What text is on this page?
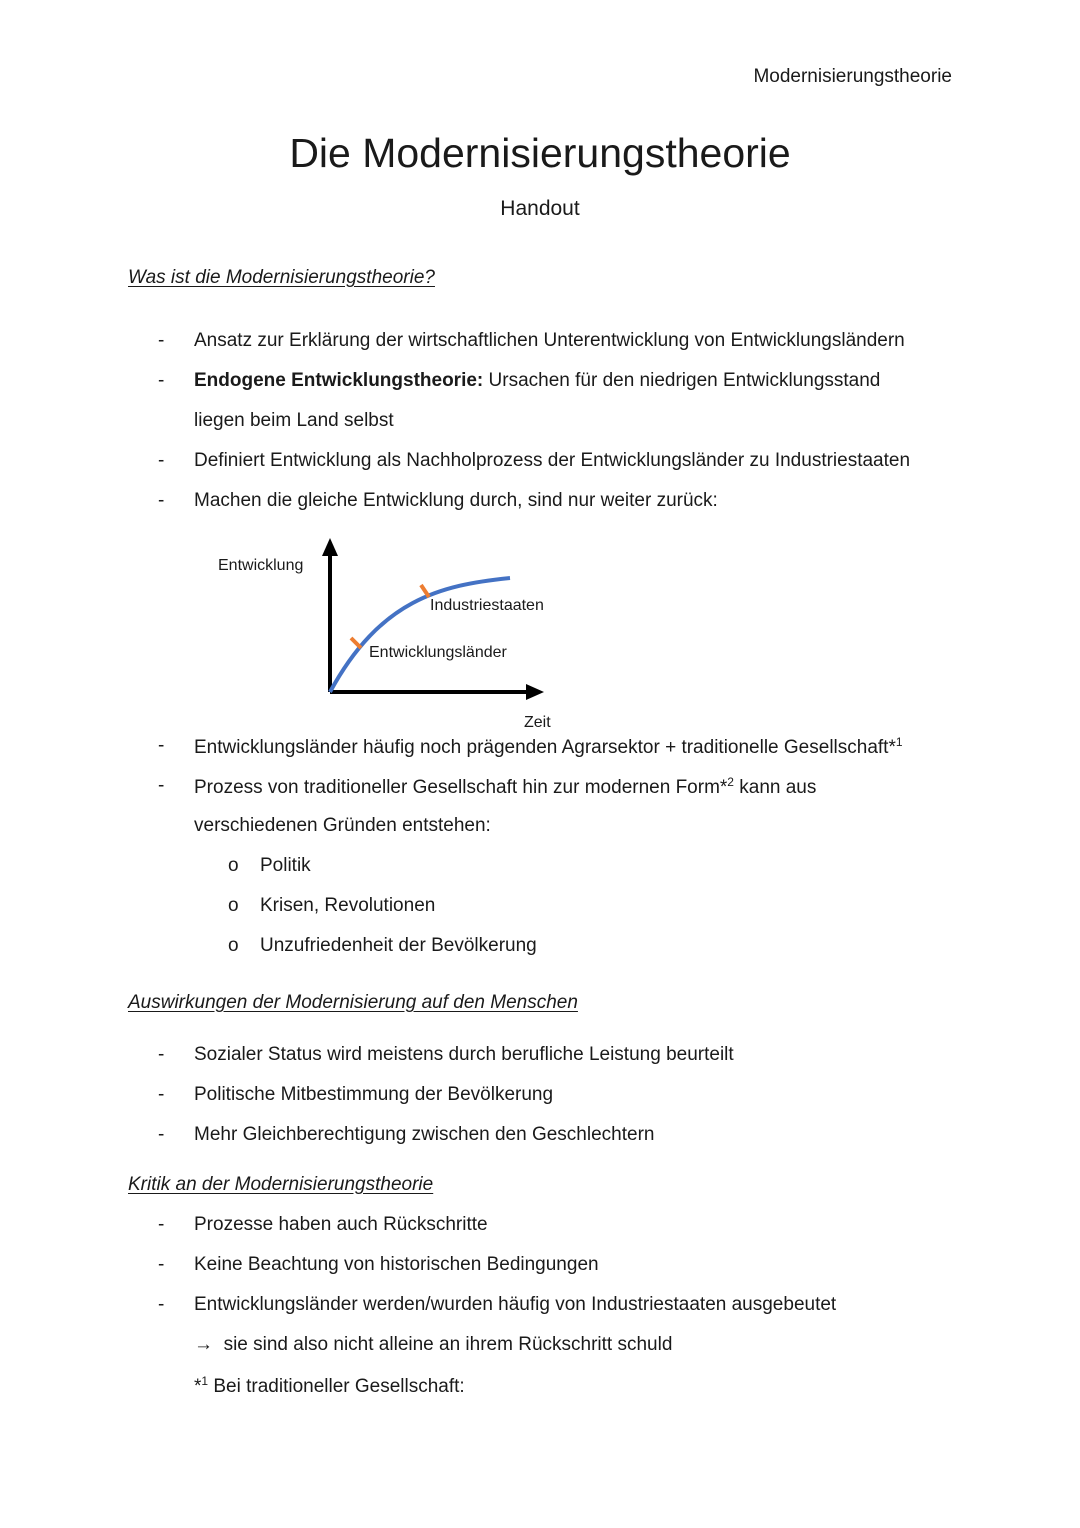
Modernisierungstheorie
Die Modernisierungstheorie
Handout
Was ist die Modernisierungstheorie?
- Ansatz zur Erklärung der wirtschaftlichen Unterentwicklung von Entwicklungsländern
- Endogene Entwicklungstheorie: Ursachen für den niedrigen Entwicklungsstand
liegen beim Land selbst
- Definiert Entwicklung als Nachholprozess der Entwicklungsländer zu Industriestaaten
- Machen die gleiche Entwicklung durch, sind nur weiter zurück:
Entwicklung
Zeit
Entwicklungsländer
Industriestaaten
- Entwicklungsländer häufig noch prägenden Agrarsektor + traditionelle Gesellschaft*$^1$
- Prozess von traditioneller Gesellschaft hin zur modernen Form*$^2$ kann aus
verschiedenen Gründen entstehen:
o Politik
o Krisen, Revolutionen
o Unzufriedenheit der Bevölkerung
Auswirkungen der Modernisierung auf den Menschen
- Sozialer Status wird meistens durch berufliche Leistung beurteilt
- Politische Mitbestimmung der Bevölkerung
- Mehr Gleichberechtigung zwischen den Geschlechtern
Kritik an der Modernisierungstheorie
- Prozesse haben auch Rückschritte
- Keine Beachtung von historischen Bedingungen
- Entwicklungsländer werden/wurden häufig von Industriestaaten ausgebeutet
→ sie sind also nicht alleine an ihrem Rückschritt schuld
*$^1$ Bei traditioneller Gesellschaft:
